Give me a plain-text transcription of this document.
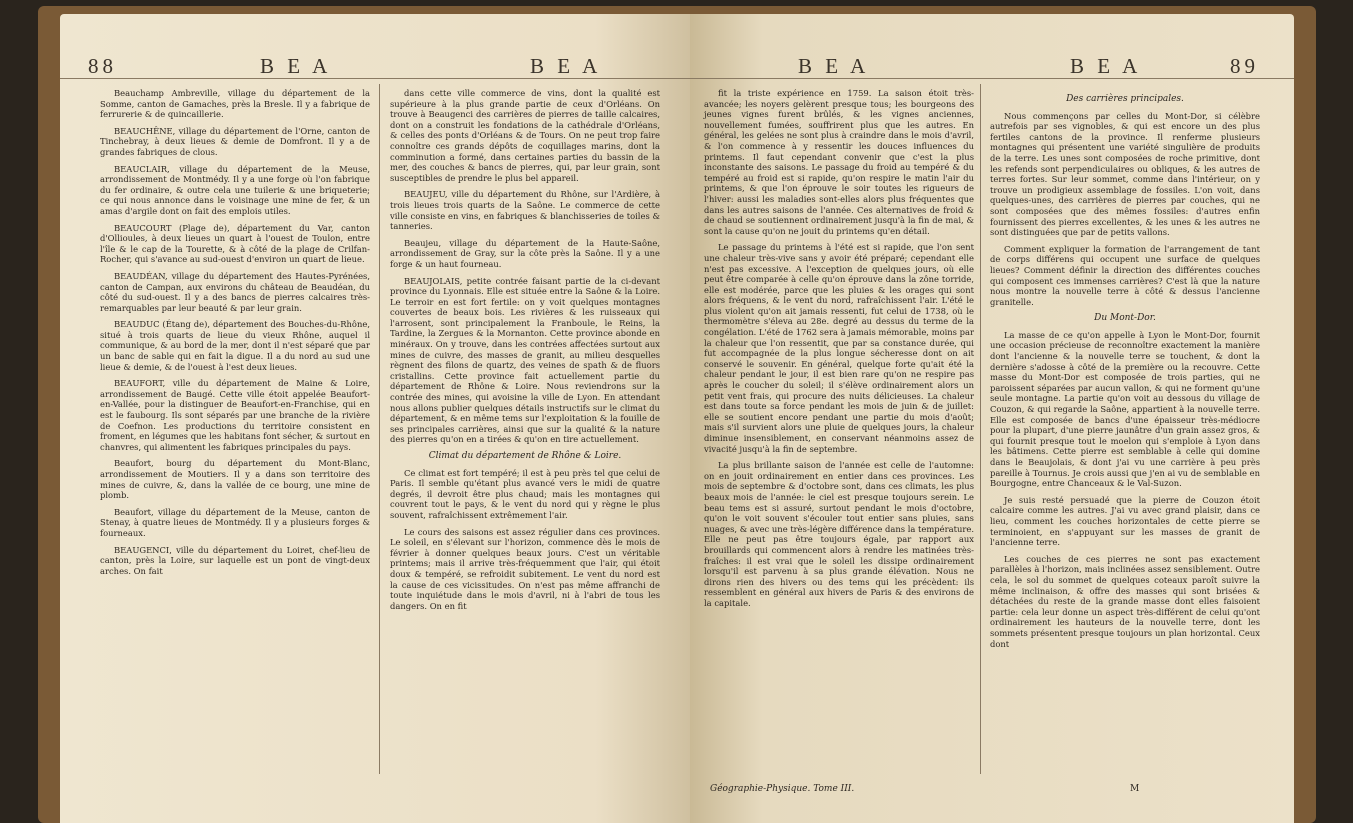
88	B E A	B E A

Beauchamp Ambreville, village du département de la Somme, canton de Gamaches, près la Bresle. Il y a fabrique de ferrurerie & de quincaillerie.

BEAUCHÊNE, village du département de l'Orne, canton de Tinchebray, à deux lieues & demie de Domfront. Il y a de grandes fabriques de clous.

BEAUCLAIR, village du département de la Meuse, arrondissement de Montmédy. Il y a une forge où l'on fabrique du fer ordinaire, & outre cela une tuilerie & une briqueterie; ce qui nous annonce dans le voisinage une mine de fer, & un amas d'argile dont on fait des emplois utiles.

BEAUCOURT (Plage de), département du Var, canton d'Ollioules, à deux lieues un quart à l'ouest de Toulon, entre l'île & le cap de la Tourette, & à côté de la plage de Crilfan-Rocher, qui s'avance au sud-ouest d'environ un quart de lieue.

BEAUDÉAN, village du département des Hautes-Pyrénées, canton de Campan, aux environs du château de Beaudéan, du côté du sud-ouest. Il y a des bancs de pierres calcaires très-remarquables par leur beauté & par leur grain.

BEAUDUC (Étang de), département des Bouches-du-Rhône, situé à trois quarts de lieue du vieux Rhône, auquel il communique, & au bord de la mer, dont il n'est séparé que par un banc de sable qui en fait la digue. Il a du nord au sud une lieue & demie, & de l'ouest à l'est deux lieues.

BEAUFORT, ville du département de Maine & Loire, arrondissement de Baugé. Cette ville étoit appelée Beaufort-en-Vallée, pour la distinguer de Beaufort-en-Franchise, qui en est le faubourg. Ils sont séparés par une branche de la rivière de Coefnon. Les productions du territoire consistent en froment, en légumes que les habitans font sécher, & surtout en chanvres, qui alimentent les fabriques principales du pays.

Beaufort, bourg du département du Mont-Blanc, arrondissement de Moutiers. Il y a dans son territoire des mines de cuivre, &, dans la vallée de ce bourg, une mine de plomb.

Beaufort, village du département de la Meuse, canton de Stenay, à quatre lieues de Montmédy. Il y a plusieurs forges & fourneaux.

BEAUGENCI, ville du département du Loiret, chef-lieu de canton, près la Loire, sur laquelle est un pont de vingt-deux arches. On fait

dans cette ville commerce de vins, dont la qualité est supérieure à la plus grande partie de ceux d'Orléans. On trouve à Beaugenci des carrières de pierres de taille calcaires, dont on a construit les fondations de la cathédrale d'Orléans, & celles des ponts d'Orléans & de Tours. On ne peut trop faire connoître ces grands dépôts de coquillages marins, dont la comminution a formé, dans certaines parties du bassin de la mer, des couches & bancs de pierres, qui, par leur grain, sont susceptibles de prendre le plus bel appareil.

BEAUJEU, ville du département du Rhône, sur l'Ardière, à trois lieues trois quarts de la Saône. Le commerce de cette ville consiste en vins, en fabriques & blanchisseries de toiles & tanneries.

Beaujeu, village du département de la Haute-Saône, arrondissement de Gray, sur la côte près la Saône. Il y a une forge & un haut fourneau.

BEAUJOLAIS, petite contrée faisant partie de la ci-devant province du Lyonnais. Elle est située entre la Saône & la Loire. Le terroir en est fort fertile: on y voit quelques montagnes couvertes de beaux bois. Les rivières & les ruisseaux qui l'arrosent, sont principalement la Franboule, le Reins, la Tardine, la Zergues & la Mornanton. Cette province abonde en minéraux. On y trouve, dans les contrées affectées surtout aux mines de cuivre, des masses de granit, au milieu desquelles règnent des filons de quartz, des veines de spath & de fluors cristallins. Cette province fait actuellement partie du département de Rhône & Loire. Nous reviendrons sur la contrée des mines, qui avoisine la ville de Lyon. En attendant nous allons publier quelques détails instructifs sur le climat du département, & en même tems sur l'exploitation & la fouille de ses principales carrières, ainsi que sur la qualité & la nature des pierres qu'on en a tirées & qu'on en tire actuellement.

Climat du département de Rhône & Loire.

Ce climat est fort tempéré; il est à peu près tel que celui de Paris. Il semble qu'étant plus avancé vers le midi de quatre degrés, il devroit être plus chaud; mais les montagnes qui couvrent tout le pays, & le vent du nord qui y règne le plus souvent, rafraîchissent extrêmement l'air.

Le cours des saisons est assez régulier dans ces provinces. Le soleil, en s'élevant sur l'horizon, commence dès le mois de février à donner quelques beaux jours. C'est un véritable printems; mais il arrive très-fréquemment que l'air, qui étoit doux & tempéré, se refroidit subitement. Le vent du nord est la cause de ces vicissitudes. On n'est pas même affranchi de toute inquiétude dans le mois d'avril, ni à l'abri de tous les dangers. On en fit

B E A	B E A	89

fit la triste expérience en 1759. La saison étoit très-avancée; les noyers gelèrent presque tous; les bourgeons des jeunes vignes furent brûlés, & les vignes anciennes, nouvellement fumées, souffrirent plus que les autres. En général, les gelées ne sont plus à craindre dans le mois d'avril, & l'on commence à y ressentir les douces influences du printems. Il faut cependant convenir que c'est la plus inconstante des saisons. Le passage du froid au tempéré & du tempéré au froid est si rapide, qu'on respire le matin l'air du printems, & que l'on éprouve le soir toutes les rigueurs de l'hiver: aussi les maladies sont-elles alors plus fréquentes que dans les autres saisons de l'année. Ces alternatives de froid & de chaud se soutiennent ordinairement jusqu'à la fin de mai, & sont la cause qu'on ne jouit du printems qu'en détail.

Le passage du printems à l'été est si rapide, que l'on sent une chaleur très-vive sans y avoir été préparé; cependant elle n'est pas excessive. A l'exception de quelques jours, où elle peut être comparée à celle qu'on éprouve dans la zône torride, elle est modérée, parce que les pluies & les orages qui sont alors fréquens, & le vent du nord, rafraîchissent l'air. L'été le plus violent qu'on ait jamais ressenti, fut celui de 1738, où le thermomètre s'éleva au 28e. degré au dessus du terme de la congélation. L'été de 1762 sera à jamais mémorable, moins par la chaleur que l'on ressentit, que par sa constance durée, qui fut accompagnée de la plus longue sécheresse dont on ait conservé le souvenir. En général, quelque forte qu'ait été la chaleur pendant le jour, il est bien rare qu'on ne respire pas après le coucher du soleil; il s'élève ordinairement alors un petit vent frais, qui procure des nuits délicieuses. La chaleur est dans toute sa force pendant les mois de juin & de juillet: elle se soutient encore pendant une partie du mois d'août; mais s'il survient alors une pluie de quelques jours, la chaleur diminue insensiblement, en conservant néanmoins assez de vivacité jusqu'à la fin de septembre.

La plus brillante saison de l'année est celle de l'automne: on en jouit ordinairement en entier dans ces provinces. Les mois de septembre & d'octobre sont, dans ces climats, les plus beaux mois de l'année: le ciel est presque toujours serein. Le beau tems est si assuré, surtout pendant le mois d'octobre, qu'on le voit souvent s'écouler tout entier sans pluies, sans nuages, & avec une très-légère différence dans la température. Elle ne peut pas être toujours égale, par rapport aux brouillards qui commencent alors à rendre les matinées très-fraîches: il est vrai que le soleil les dissipe ordinairement lorsqu'il est parvenu à sa plus grande élévation. Nous ne dirons rien des hivers ou des tems qui les précèdent: ils ressemblent en général aux hivers de Paris & des environs de la capitale.

Des carrières principales.

Nous commençons par celles du Mont-Dor, si célèbre autrefois par ses vignobles, & qui est encore un des plus fertiles cantons de la province. Il renferme plusieurs montagnes qui présentent une variété singulière de produits de la terre. Les unes sont composées de roche primitive, dont les refends sont perpendiculaires ou obliques, & les autres de terres fortes. Sur leur sommet, comme dans l'intérieur, on y trouve un prodigieux assemblage de fossiles. L'on voit, dans quelques-unes, des carrières de pierres par couches, qui ne sont composées que des mêmes fossiles: d'autres enfin fournissent des pierres excellentes, & les unes & les autres ne sont distinguées que par de petits vallons.

Comment expliquer la formation de l'arrangement de tant de corps différens qui occupent une surface de quelques lieues? Comment définir la direction des différentes couches qui composent ces immenses carrières? C'est là que la nature nous montre la nouvelle terre à côté & dessus l'ancienne granitelle.

Du Mont-Dor.

La masse de ce qu'on appelle à Lyon le Mont-Dor, fournit une occasion précieuse de reconnoître exactement la manière dont l'ancienne & la nouvelle terre se touchent, & dont la dernière s'adosse à côté de la première ou la recouvre. Cette masse du Mont-Dor est composée de trois parties, qui ne paroissent séparées par aucun vallon, & qui ne forment qu'une seule montagne. La partie qu'on voit au dessous du village de Couzon, & qui regarde la Saône, appartient à la nouvelle terre. Elle est composée de bancs d'une épaisseur très-médiocre pour la plupart, d'une pierre jaunâtre d'un grain assez gros, & qui fournit presque tout le moelon qui s'emploie à Lyon dans les bâtimens. Cette pierre est semblable à celle qui domine dans le Beaujolais, & dont j'ai vu une carrière à peu près pareille à Tournus. Je crois aussi que j'en ai vu de semblable en Bourgogne, entre Chanceaux & le Val-Suzon.

Je suis resté persuadé que la pierre de Couzon étoit calcaire comme les autres. J'ai vu avec grand plaisir, dans ce lieu, comment les couches horizontales de cette pierre se terminoient, en s'appuyant sur les masses de granit de l'ancienne terre.

Les couches de ces pierres ne sont pas exactement parallèles à l'horizon, mais inclinées assez sensiblement. Outre cela, le sol du sommet de quelques coteaux paroît suivre la même inclinaison, & offre des masses qui sont brisées & détachées du reste de la grande masse dont elles faisoient partie: cela leur donne un aspect très-différent de celui qu'ont ordinairement les hauteurs de la nouvelle terre, dont les sommets présentent presque toujours un plan horizontal. Ceux dont

Géographie-Physique. Tome III.	M
